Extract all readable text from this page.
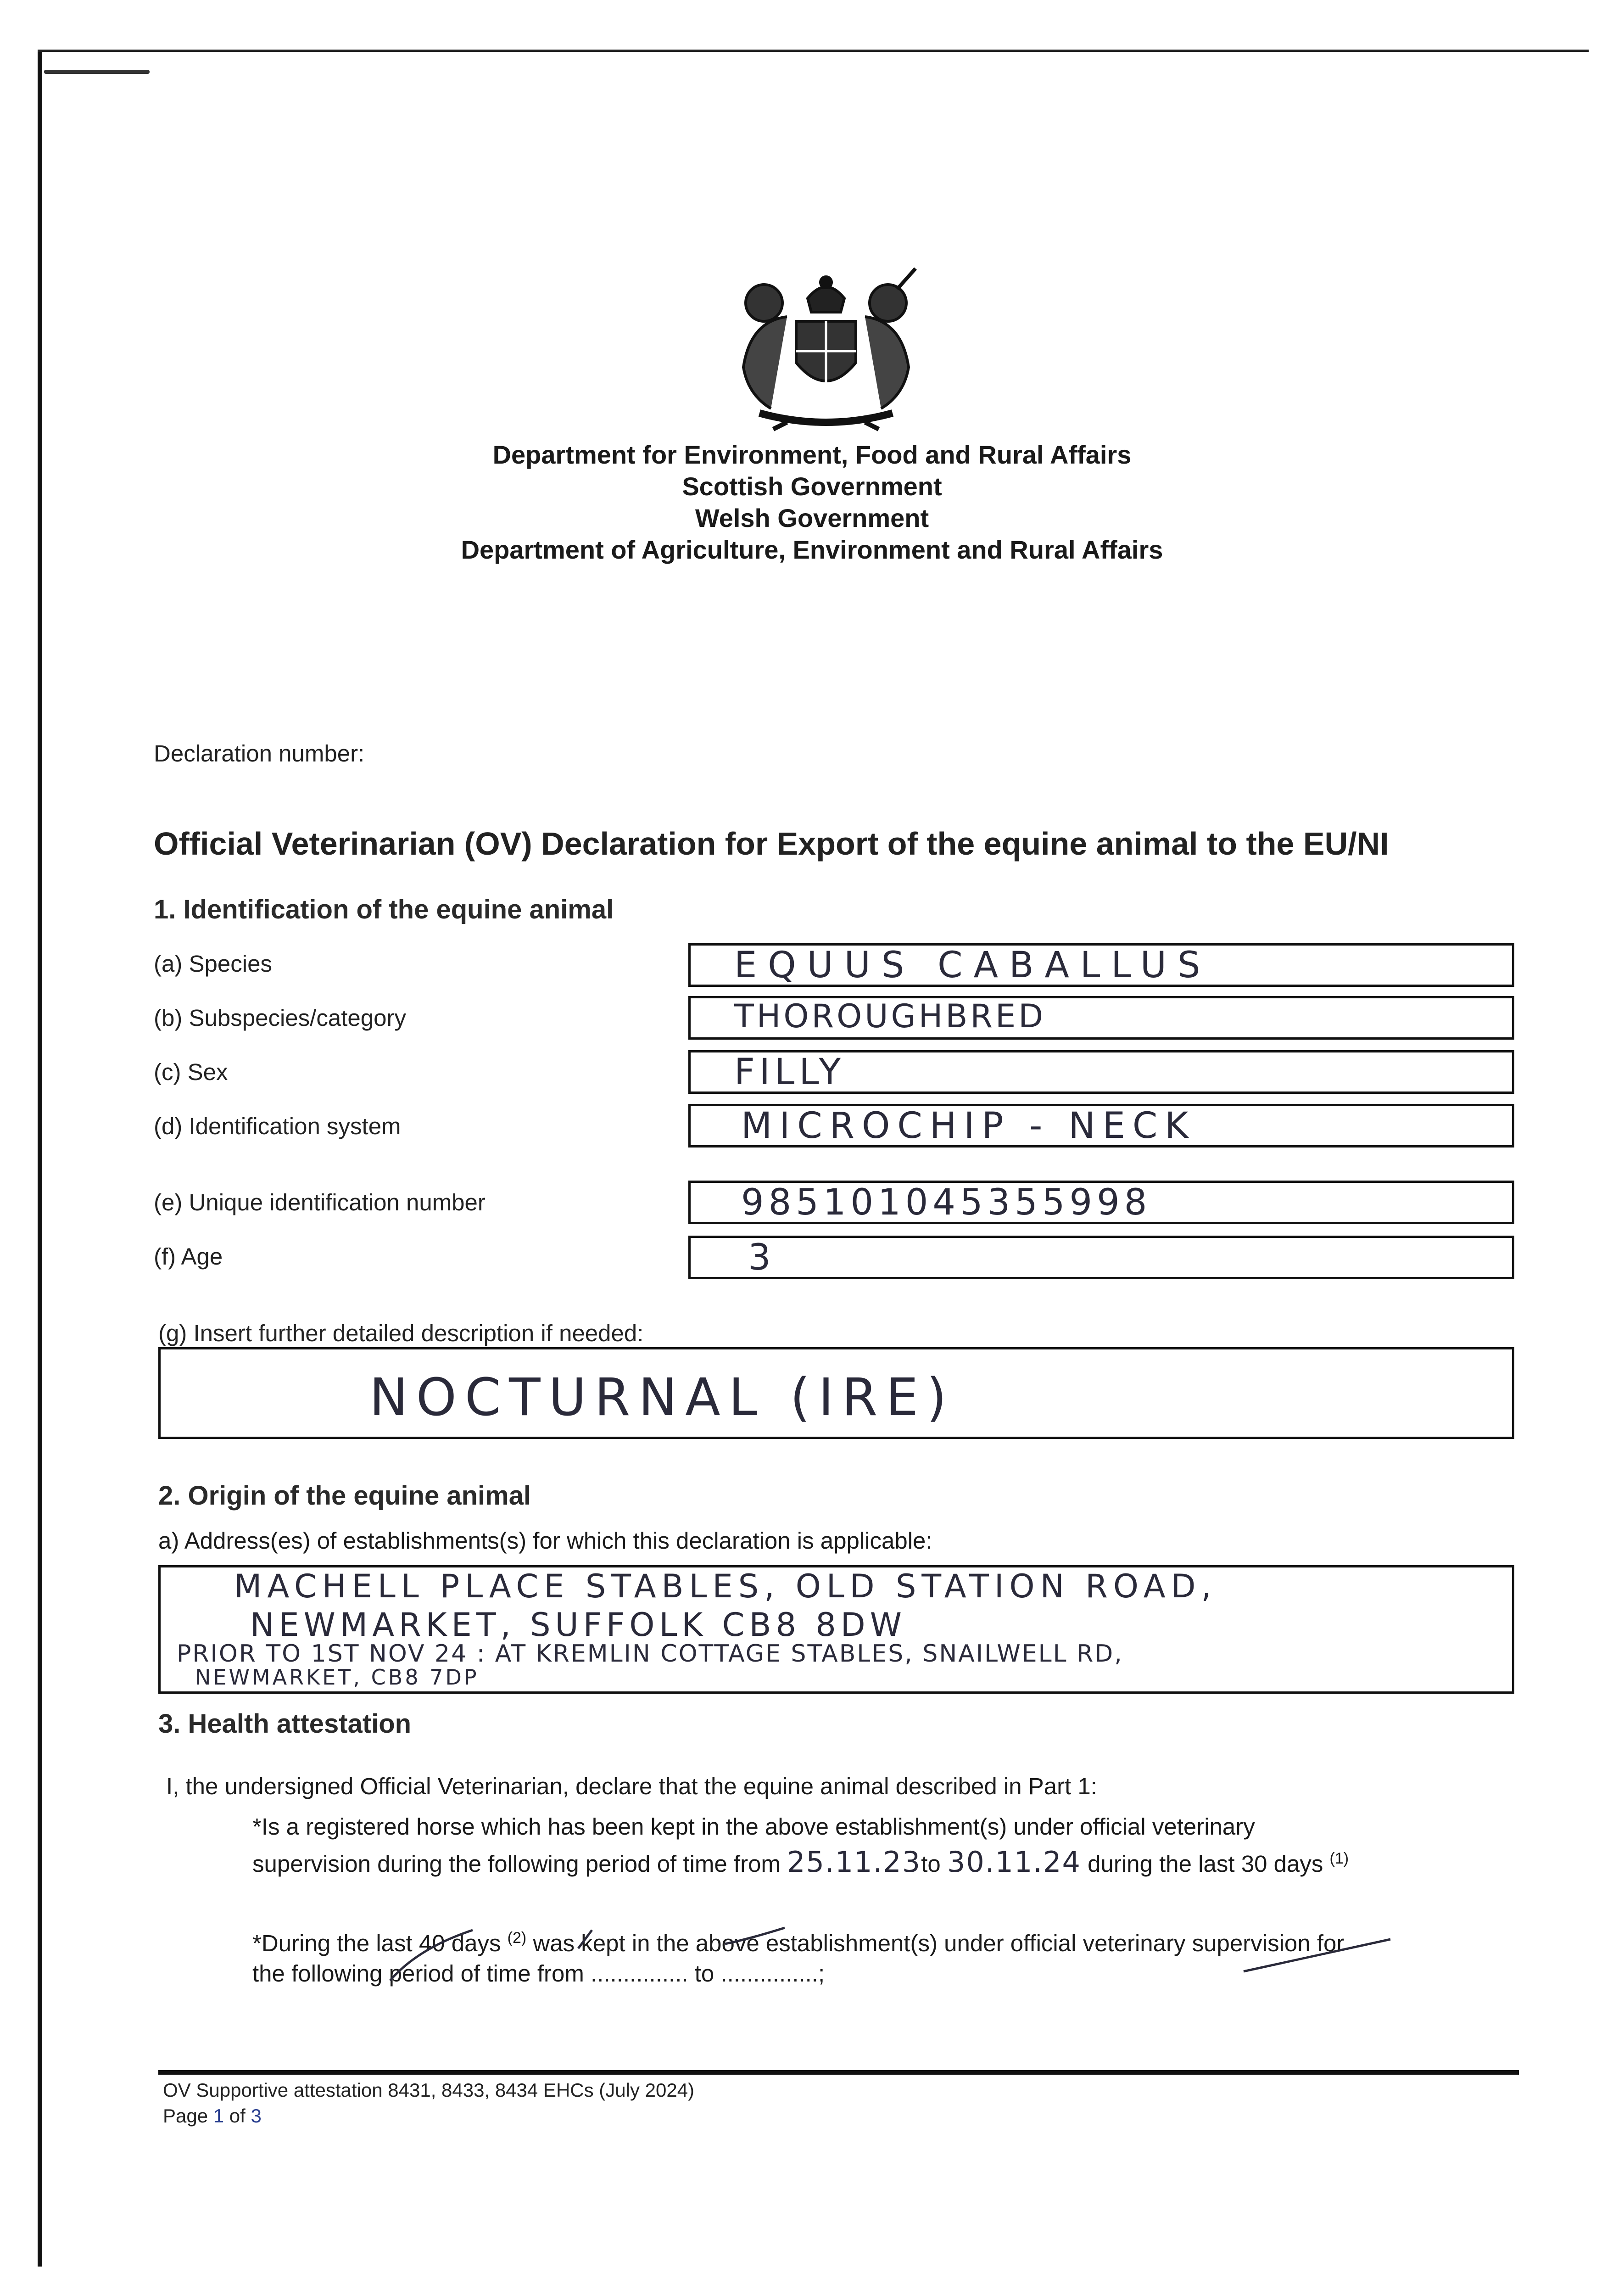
Department for Environment, Food and Rural Affairs
Scottish Government
Welsh Government
Department of Agriculture, Environment and Rural Affairs
Declaration number:
Official Veterinarian (OV) Declaration for Export of the equine animal to the EU/NI
1. Identification of the equine animal
(a) Species	EQUUS CABALLUS
(b) Subspecies/category	THOROUGHBRED
(c) Sex	FILLY
(d) Identification system	MICROCHIP - NECK
(e) Unique identification number	985101045355998
(f) Age	3
(g) Insert further detailed description if needed:
NOCTURNAL (IRE)
2. Origin of the equine animal
a) Address(es) of establishments(s) for which this declaration is applicable:
MACHELL PLACE STABLES, OLD STATION ROAD,
NEWMARKET, SUFFOLK CB8 8DW
PRIOR TO 1ST NOV 24 : AT KREMLIN COTTAGE STABLES, SNAILWELL RD,
NEWMARKET, CB8 7DP
3. Health attestation
I, the undersigned Official Veterinarian, declare that the equine animal described in Part 1:
*Is a registered horse which has been kept in the above establishment(s) under official veterinary
supervision during the following period of time from 25.11.23to 30.11.24 during the last 30 days $^{(1)}$
*During the last 40 days $^{(2)}$ was kept in the above establishment(s) under official veterinary supervision for
the following period of time from ............... to ...............;
OV Supportive attestation 8431, 8433, 8434 EHCs (July 2024)
Page 1 of 3
